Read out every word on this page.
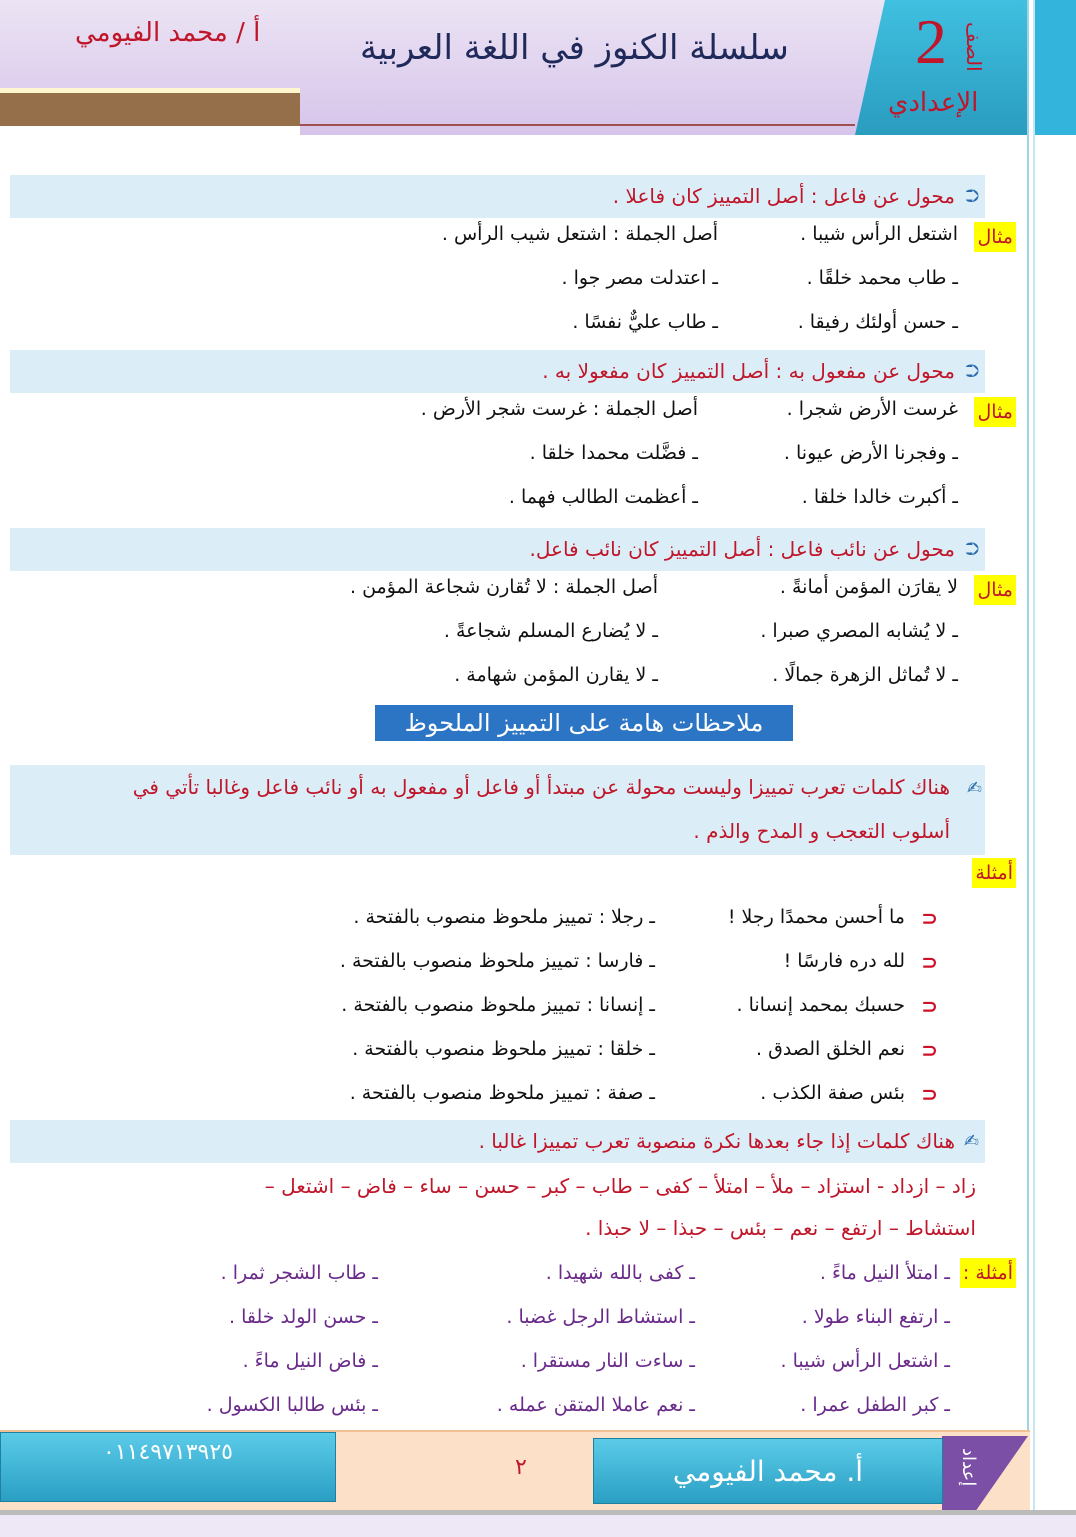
أ / محمد الفيومي	سلسلة الكنوز في اللغة العربية 2 الصف
الإعدادي
محول عن فاعل : أصل التمييز كان فاعلا . ⮊
مثال
اشتعل الرأس شيبا .
أصل الجملة : اشتعل شيب الرأس .
ـ طاب محمد خلقًا .
ـ اعتدلت مصر جوا .
ـ حسن أولئك رفيقا .
ـ طاب عليٌّ نفسًا .
محول عن مفعول به : أصل التمييز كان مفعولا به . ⮊
مثال
غرست الأرض شجرا .
أصل الجملة : غرست شجر الأرض .
ـ وفجرنا الأرض عيونا .
ـ فضَّلت محمدا خلقا .
ـ أكبرت خالدا خلقا .
ـ أعظمت الطالب فهما .
محول عن نائب فاعل : أصل التمييز كان نائب فاعل. ⮊
مثال
لا يقارَن المؤمن أمانةً .
أصل الجملة : لا تُقارن شجاعة المؤمن .
ـ لا يُشابه المصري صبرا .
ـ لا يُضارع المسلم شجاعةً .
ـ لا تُماثل الزهرة جمالًا .
ـ لا يقارن المؤمن شهامة .
✍
هناك كلمات تعرب تمييزا وليست محولة عن مبتدأ أو فاعل أو مفعول به أو نائب فاعل وغالبا تأتي في
أسلوب التعجب و المدح والذم .
أمثلة
⊂
ما أحسن محمدًا رجلا !
ـ رجلا : تمييز ملحوظ منصوب بالفتحة .
⊂
لله دره فارسًا !
ـ فارسا : تمييز ملحوظ منصوب بالفتحة .
⊂
حسبك بمحمد إنسانا .
ـ إنسانا : تمييز ملحوظ منصوب بالفتحة .
⊂
نعم الخلق الصدق .
ـ خلقا : تمييز ملحوظ منصوب بالفتحة .
⊂
بئس صفة الكذب .
ـ صفة : تمييز ملحوظ منصوب بالفتحة .
هناك كلمات إذا جاء بعدها نكرة منصوبة تعرب تمييزا غالبا . ✍
زاد – ازداد - استزاد – ملأ – امتلأ – كفى – طاب – كبر – حسن – ساء – فاض – اشتعل –
استشاط – ارتفع – نعم – بئس – حبذا – لا حبذا .
أمثلة :
ـ امتلأ النيل ماءً .
ـ كفى بالله شهيدا .
ـ طاب الشجر ثمرا .
ـ ارتفع البناء طولا .
ـ استشاط الرجل غضبا .
ـ حسن الولد خلقا .
ـ اشتعل الرأس شيبا .
ـ ساءت النار مستقرا .
ـ فاض النيل ماءً .
ـ كبر الطفل عمرا .
ـ نعم عاملا المتقن عمله .
ـ بئس طالبا الكسول .
ملاحظات هامة على التمييز الملحوظ
إعداد
أ. محمد الفيومي
٢
٠١١٤٩٧١٣٩٢٥
